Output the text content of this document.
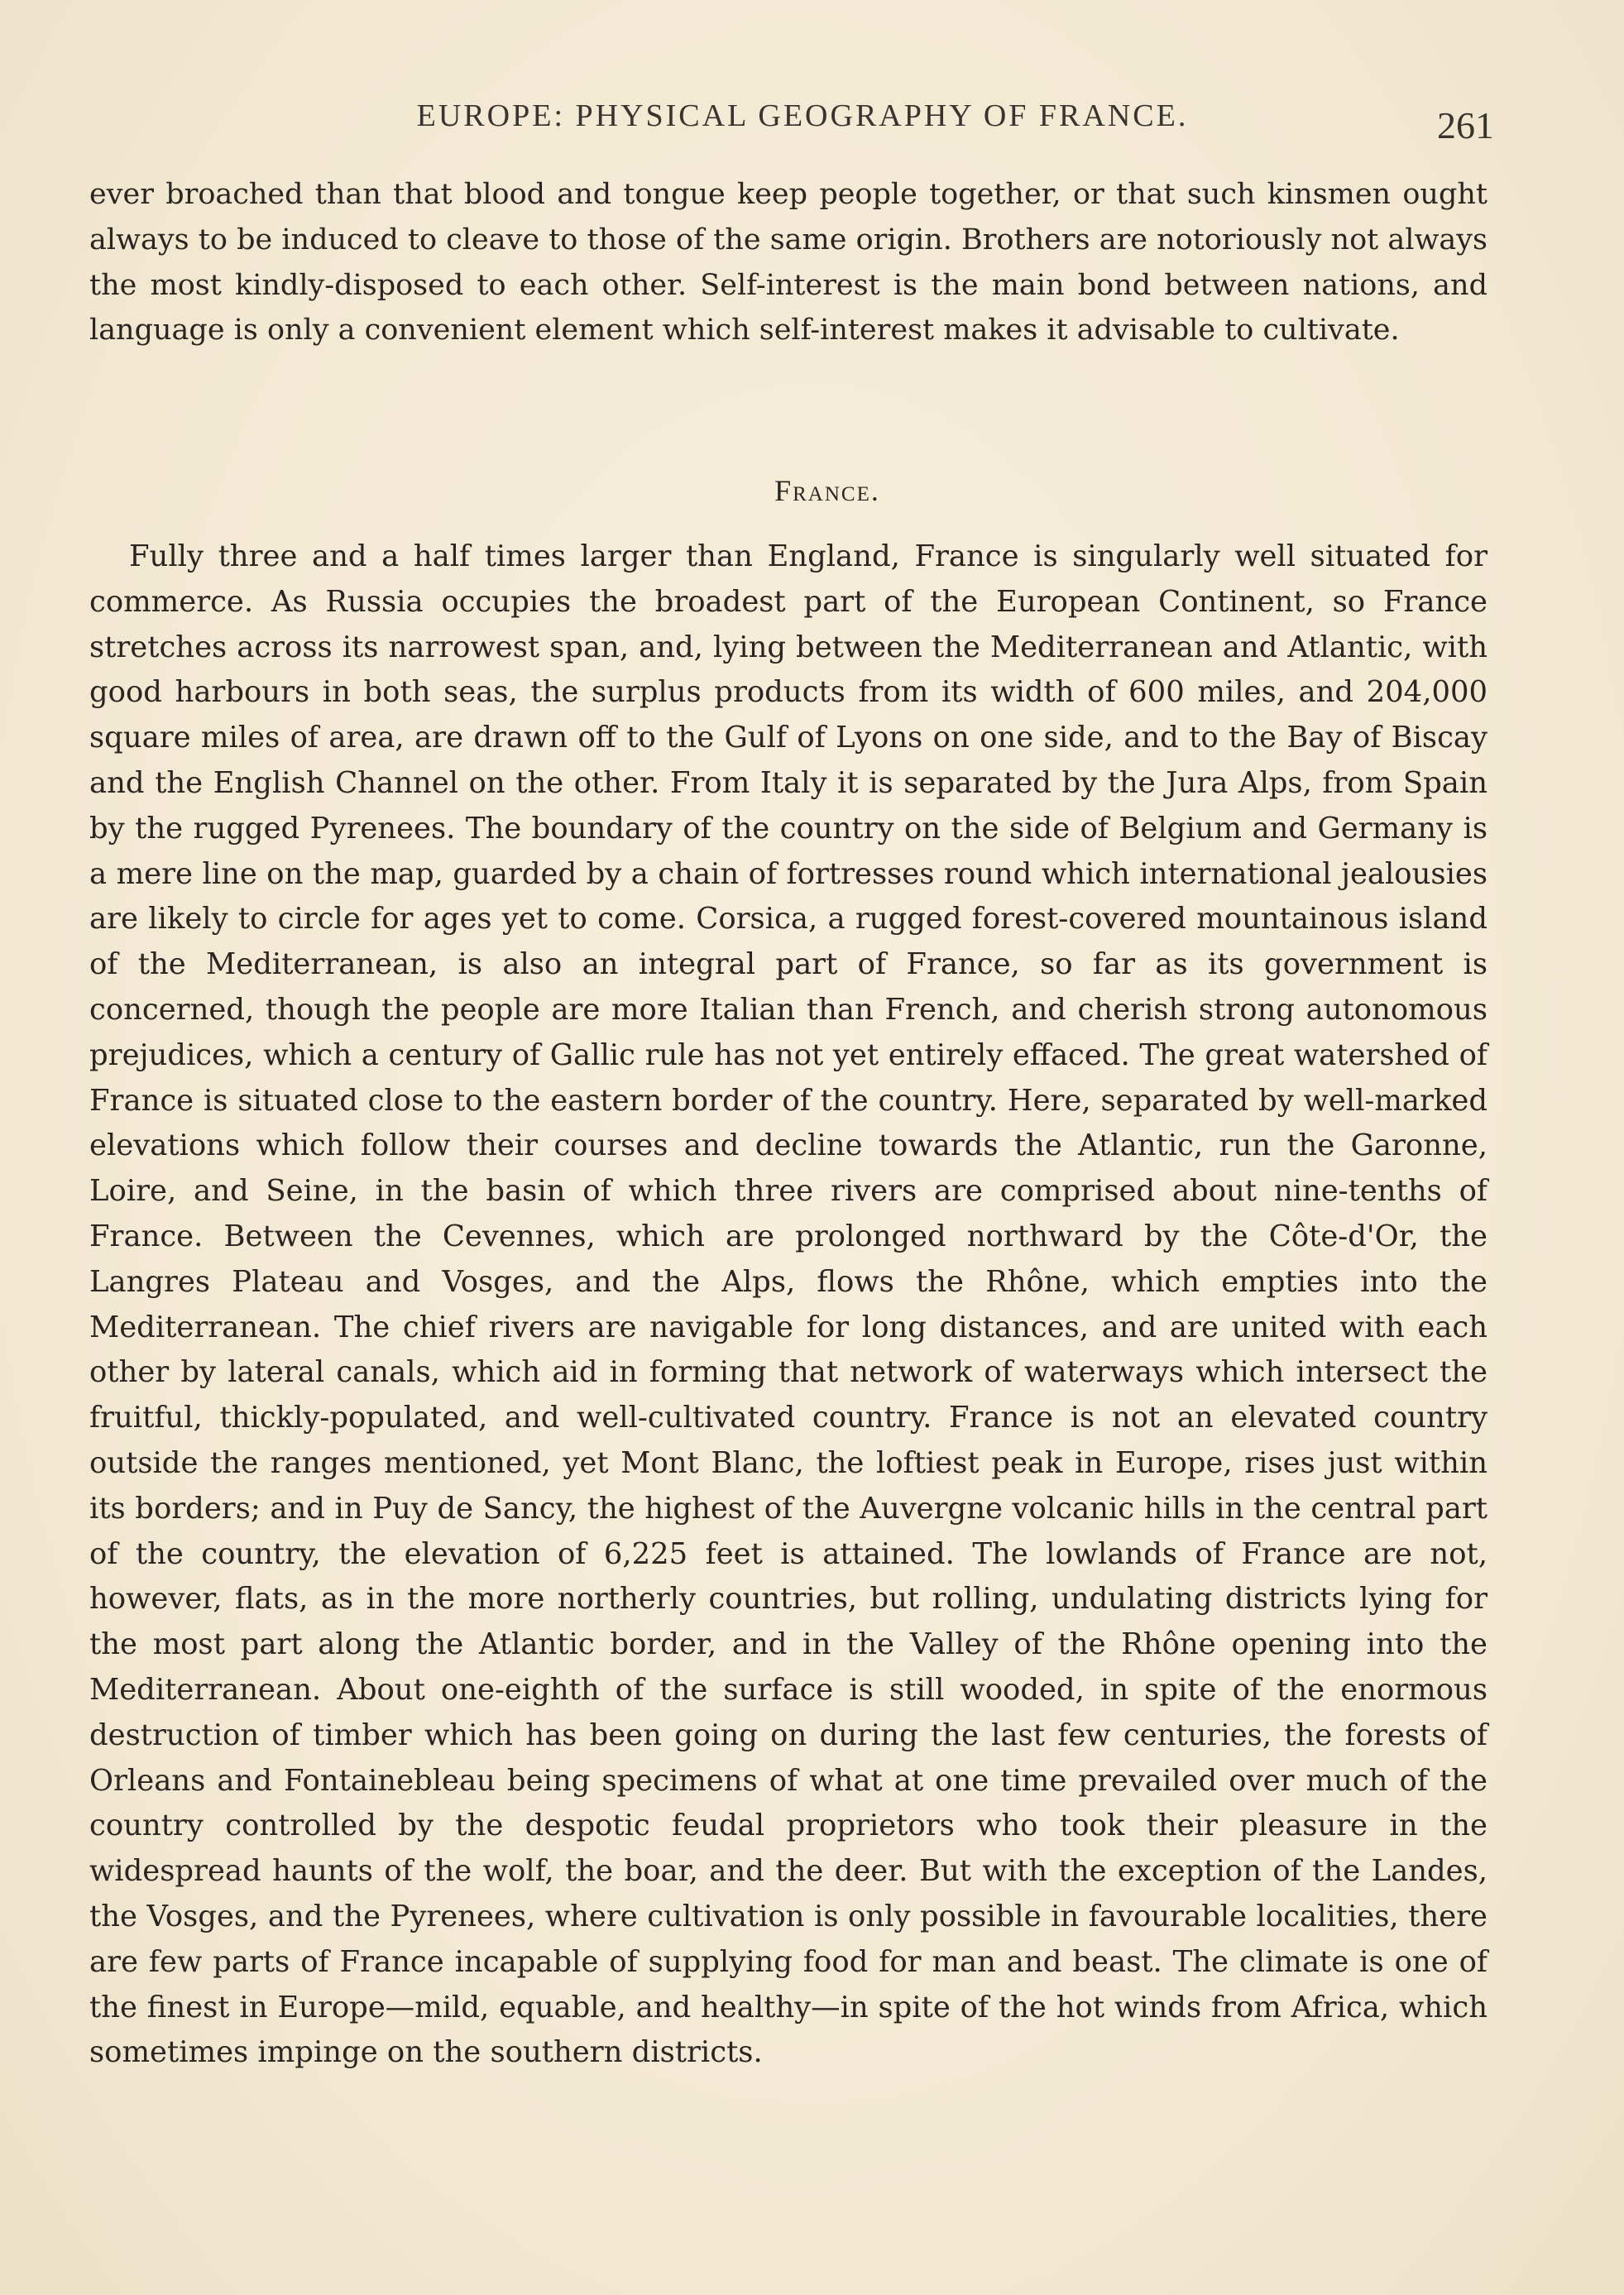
EUROPE: PHYSICAL GEOGRAPHY OF FRANCE.	261

ever broached than that blood and tongue keep people together, or that such kinsmen ought always to be induced to cleave to those of the same origin. Brothers are notoriously not always the most kindly-disposed to each other. Self-interest is the main bond between nations, and language is only a convenient element which self-interest makes it advisable to cultivate.

France.

Fully three and a half times larger than England, France is singularly well situated for commerce. As Russia occupies the broadest part of the European Continent, so France stretches across its narrowest span, and, lying between the Mediterranean and Atlantic, with good harbours in both seas, the surplus products from its width of 600 miles, and 204,000 square miles of area, are drawn off to the Gulf of Lyons on one side, and to the Bay of Biscay and the English Channel on the other. From Italy it is separated by the Jura Alps, from Spain by the rugged Pyrenees. The boundary of the country on the side of Belgium and Germany is a mere line on the map, guarded by a chain of fortresses round which international jealousies are likely to circle for ages yet to come. Corsica, a rugged forest-covered mountainous island of the Mediterranean, is also an integral part of France, so far as its government is concerned, though the people are more Italian than French, and cherish strong autonomous prejudices, which a century of Gallic rule has not yet entirely effaced. The great watershed of France is situated close to the eastern border of the country. Here, separated by well-marked elevations which follow their courses and decline towards the Atlantic, run the Garonne, Loire, and Seine, in the basin of which three rivers are comprised about nine-tenths of France. Between the Cevennes, which are prolonged northward by the Côte-d'Or, the Langres Plateau and Vosges, and the Alps, flows the Rhône, which empties into the Mediterranean. The chief rivers are navigable for long distances, and are united with each other by lateral canals, which aid in forming that network of waterways which intersect the fruitful, thickly-populated, and well-cultivated country. France is not an elevated country outside the ranges mentioned, yet Mont Blanc, the loftiest peak in Europe, rises just within its borders; and in Puy de Sancy, the highest of the Auvergne volcanic hills in the central part of the country, the elevation of 6,225 feet is attained. The lowlands of France are not, however, flats, as in the more northerly countries, but rolling, undulating districts lying for the most part along the Atlantic border, and in the Valley of the Rhône opening into the Mediterranean. About one-eighth of the surface is still wooded, in spite of the enormous destruction of timber which has been going on during the last few centuries, the forests of Orleans and Fontainebleau being specimens of what at one time prevailed over much of the country controlled by the despotic feudal proprietors who took their pleasure in the widespread haunts of the wolf, the boar, and the deer. But with the exception of the Landes, the Vosges, and the Pyrenees, where cultivation is only possible in favourable localities, there are few parts of France incapable of supplying food for man and beast. The climate is one of the finest in Europe—mild, equable, and healthy—in spite of the hot winds from Africa, which sometimes impinge on the southern districts.
